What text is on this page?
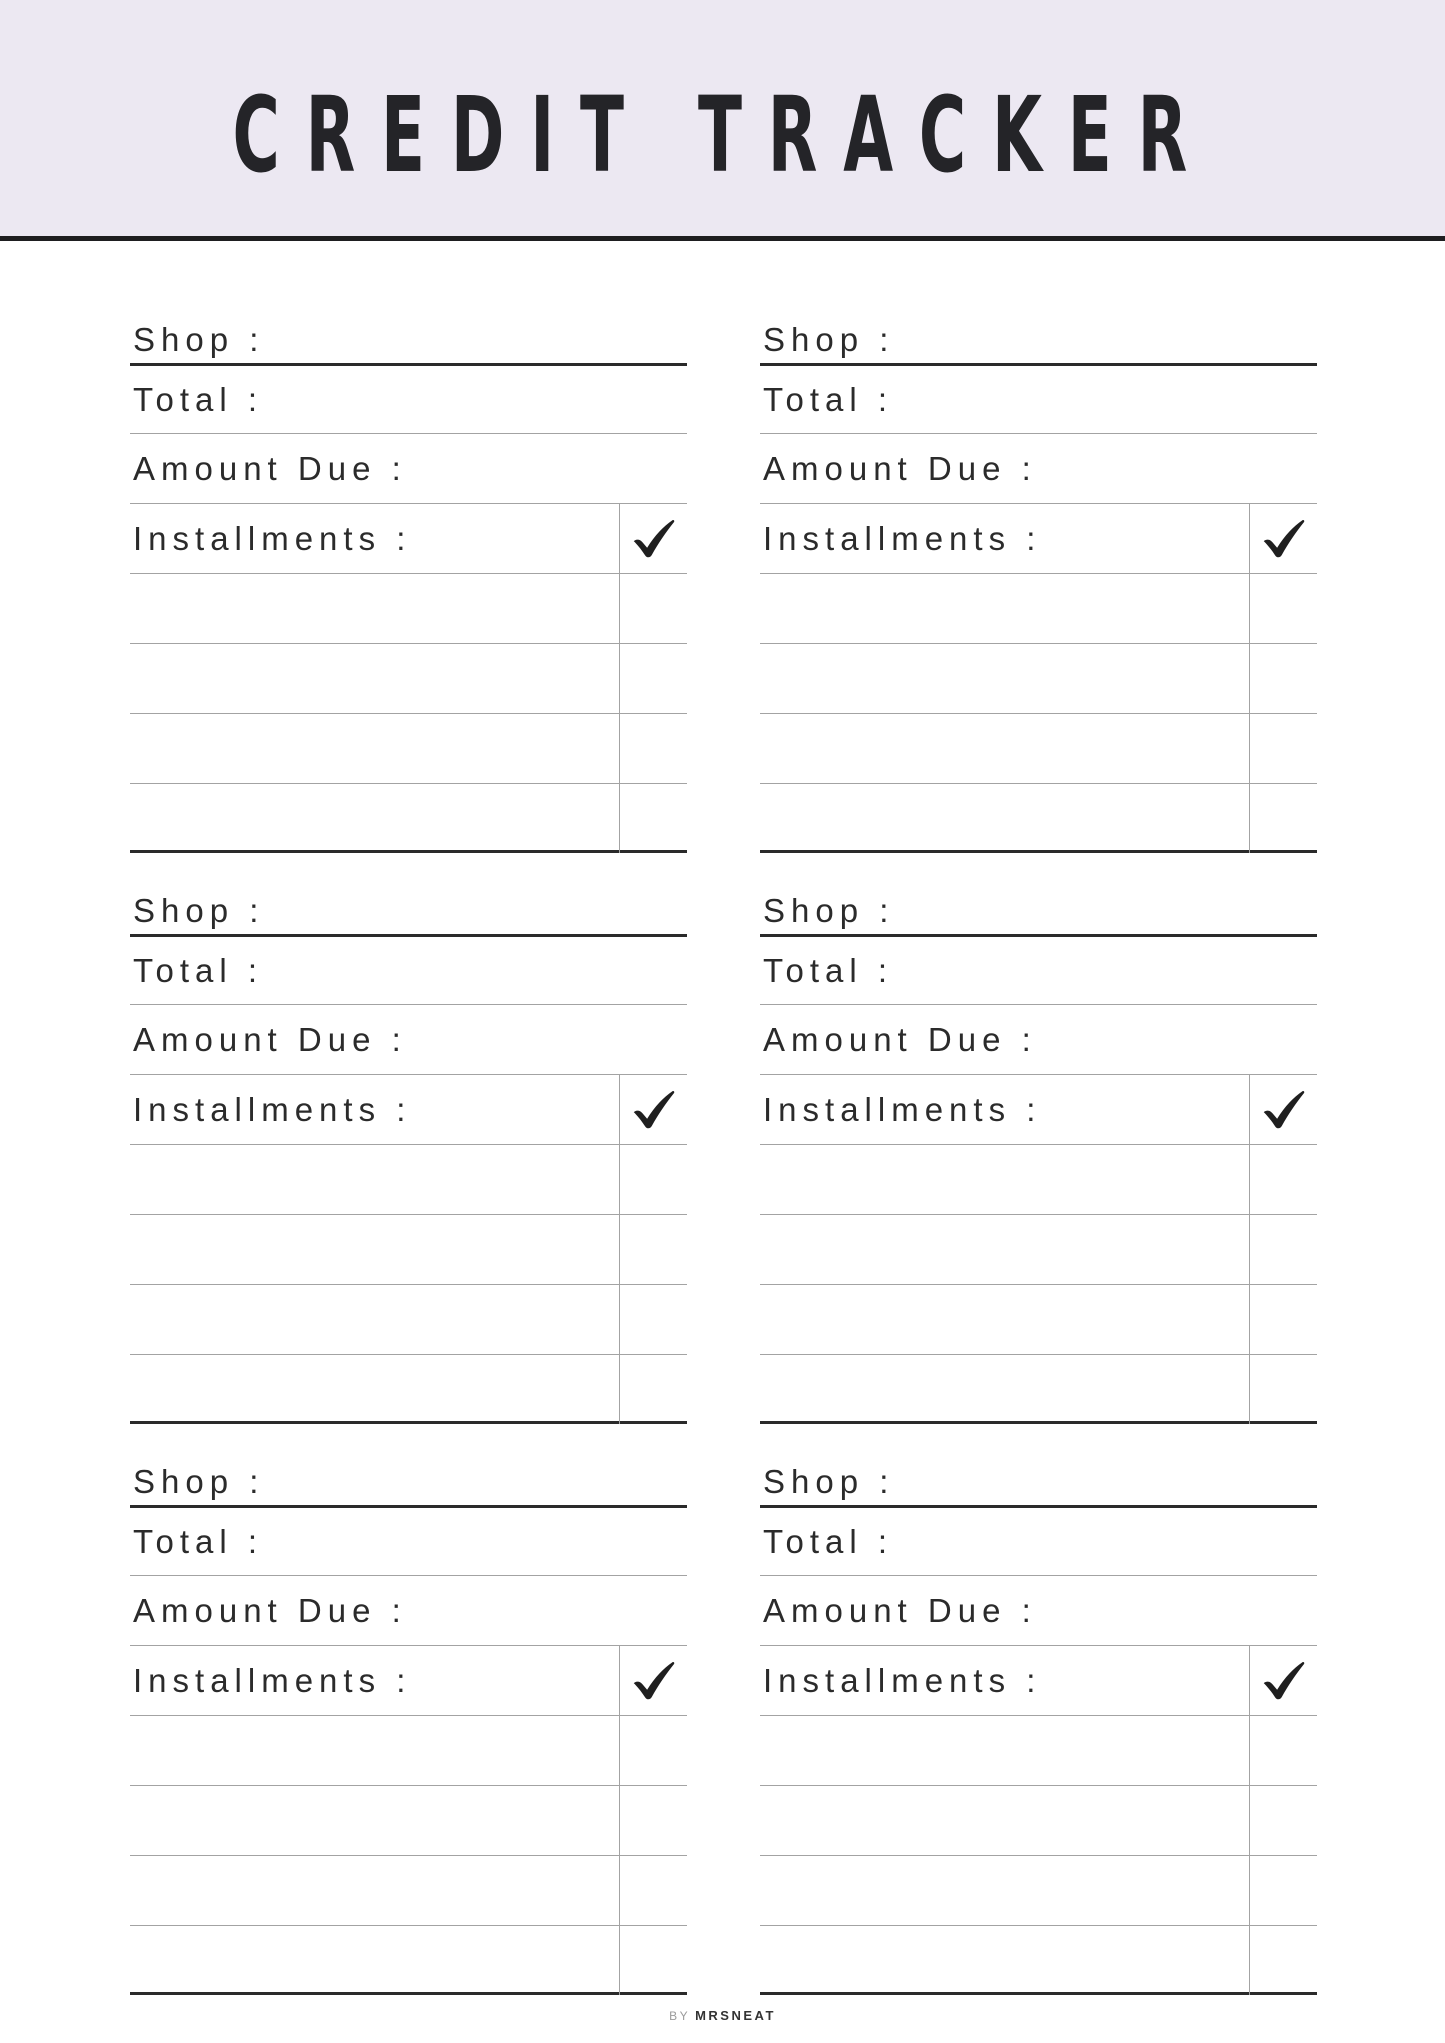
CREDIT TRACKER
Shop :
Total :
Amount Due :
Installments :
Shop :
Total :
Amount Due :
Installments :
Shop :
Total :
Amount Due :
Installments :
Shop :
Total :
Amount Due :
Installments :
Shop :
Total :
Amount Due :
Installments :
Shop :
Total :
Amount Due :
Installments :
BY MRSNEAT
